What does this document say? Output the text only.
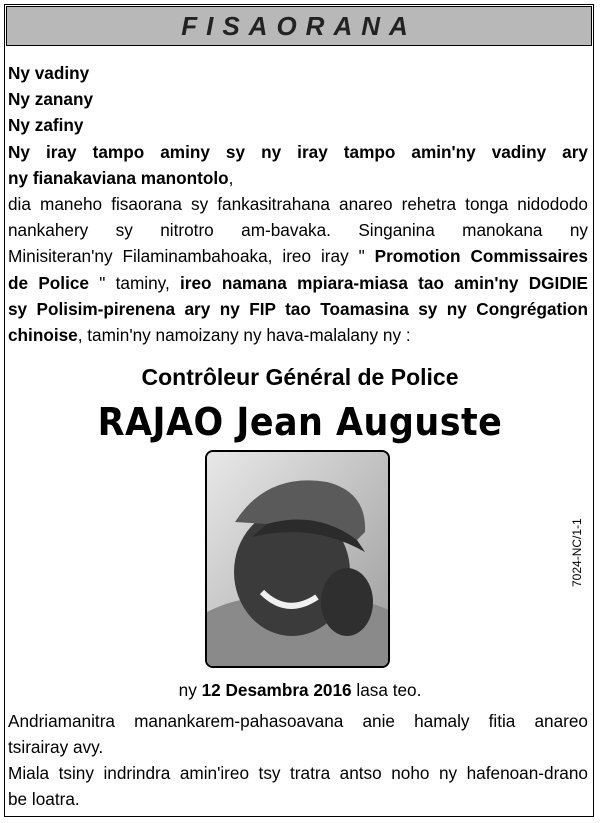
FISAORANA
Ny vadiny
Ny zanany
Ny zafiny
Ny iray tampo aminy sy ny iray tampo amin'ny vadiny ary
ny fianakaviana manontolo,
dia maneho fisaorana sy fankasitrahana anareo rehetra tonga nidododo
nankahery sy nitrotro am-bavaka. Singanina manokana ny
Minisiteran'ny Filaminambahoaka, ireo iray " Promotion Commissaires
de Police " taminy, ireo namana mpiara-miasa tao amin'ny DGIDIE
sy Polisim-pirenena ary ny FIP tao Toamasina sy ny Congrégation
chinoise, tamin'ny namoizany ny hava-malalany ny :
Contrôleur Général de Police
RAJAO Jean Auguste
7024-NC/1-1
ny 12 Desambra 2016 lasa teo.
Andriamanitra manankarem-pahasoavana anie hamaly fitia anareo
tsirairay avy.
Miala tsiny indrindra amin'ireo tsy tratra antso noho ny hafenoan-drano
be loatra.
